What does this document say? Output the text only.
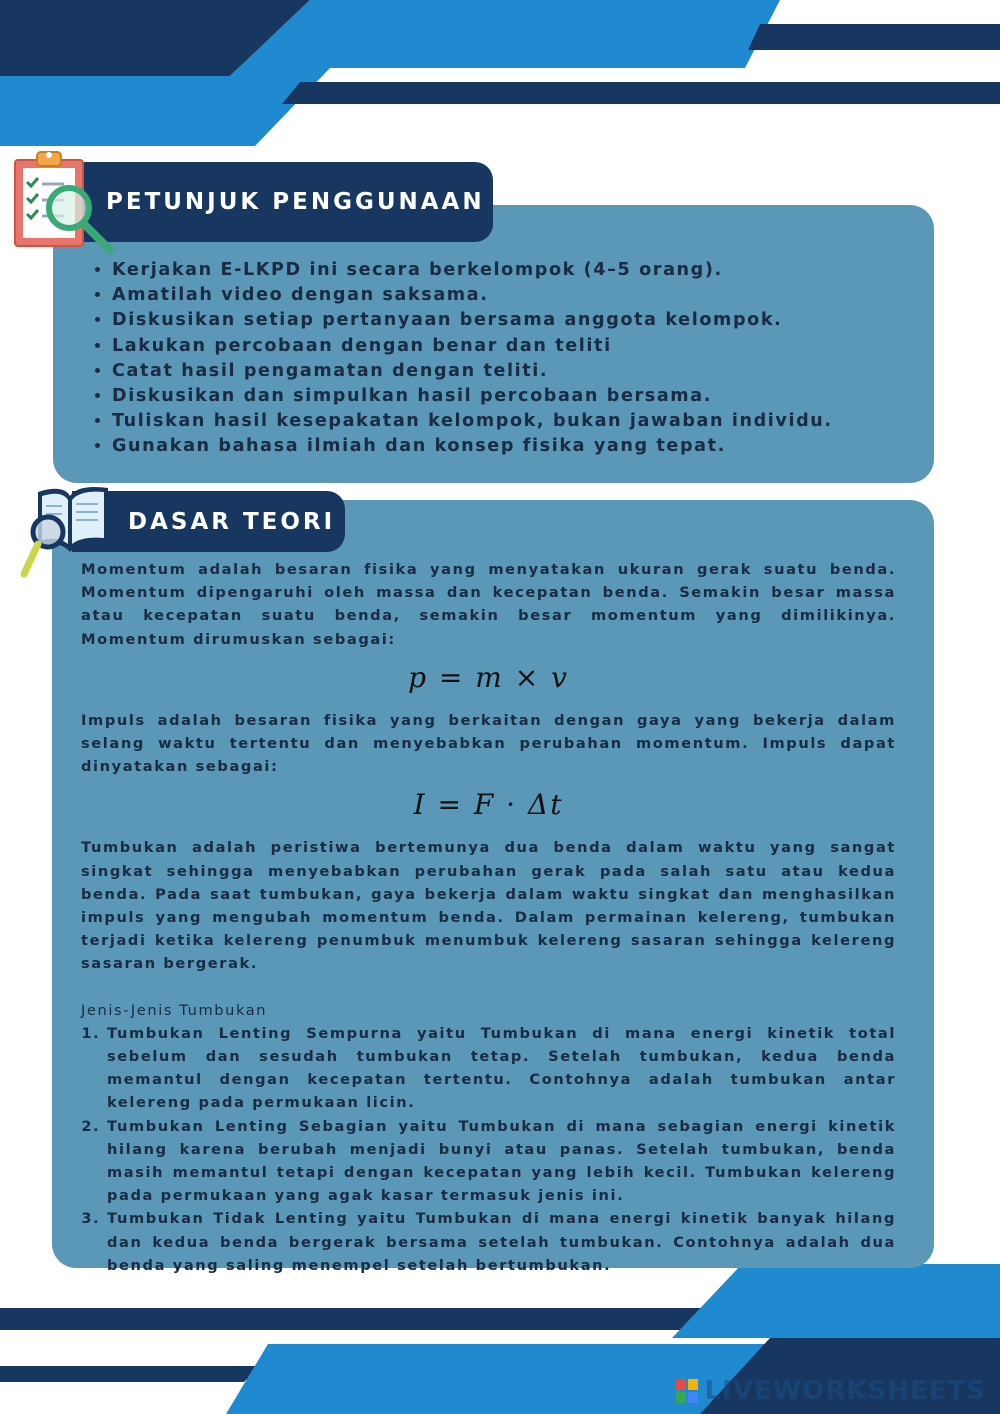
PETUNJUK PENGGUNAAN
• Kerjakan E-LKPD ini secara berkelompok (4–5 orang).
• Amatilah video dengan saksama.
• Diskusikan setiap pertanyaan bersama anggota kelompok.
• Lakukan percobaan dengan benar dan teliti
• Catat hasil pengamatan dengan teliti.
• Diskusikan dan simpulkan hasil percobaan bersama.
• Tuliskan hasil kesepakatan kelompok, bukan jawaban individu.
• Gunakan bahasa ilmiah dan konsep fisika yang tepat.
DASAR TEORI

Momentum adalah besaran fisika yang menyatakan ukuran gerak suatu benda. Momentum dipengaruhi oleh massa dan kecepatan benda. Semakin besar massa atau kecepatan suatu benda, semakin besar momentum yang dimilikinya. Momentum dirumuskan sebagai:

p = m × v

Impuls adalah besaran fisika yang berkaitan dengan gaya yang bekerja dalam selang waktu tertentu dan menyebabkan perubahan momentum. Impuls dapat dinyatakan sebagai:

I = F · Δt

Tumbukan adalah peristiwa bertemunya dua benda dalam waktu yang sangat singkat sehingga menyebabkan perubahan gerak pada salah satu atau kedua benda. Pada saat tumbukan, gaya bekerja dalam waktu singkat dan menghasilkan impuls yang mengubah momentum benda. Dalam permainan kelereng, tumbukan terjadi ketika kelereng penumbuk menumbuk kelereng sasaran sehingga kelereng sasaran bergerak.

Jenis-Jenis Tumbukan

1. Tumbukan Lenting Sempurna yaitu Tumbukan di mana energi kinetik total sebelum dan sesudah tumbukan tetap. Setelah tumbukan, kedua benda memantul dengan kecepatan tertentu. Contohnya adalah tumbukan antar kelereng pada permukaan licin.
2. Tumbukan Lenting Sebagian yaitu Tumbukan di mana sebagian energi kinetik hilang karena berubah menjadi bunyi atau panas. Setelah tumbukan, benda masih memantul tetapi dengan kecepatan yang lebih kecil. Tumbukan kelereng pada permukaan yang agak kasar termasuk jenis ini.
3. Tumbukan Tidak Lenting yaitu Tumbukan di mana energi kinetik banyak hilang dan kedua benda bergerak bersama setelah tumbukan. Contohnya adalah dua benda yang saling menempel setelah bertumbukan.
LIVEWORKSHEETS
